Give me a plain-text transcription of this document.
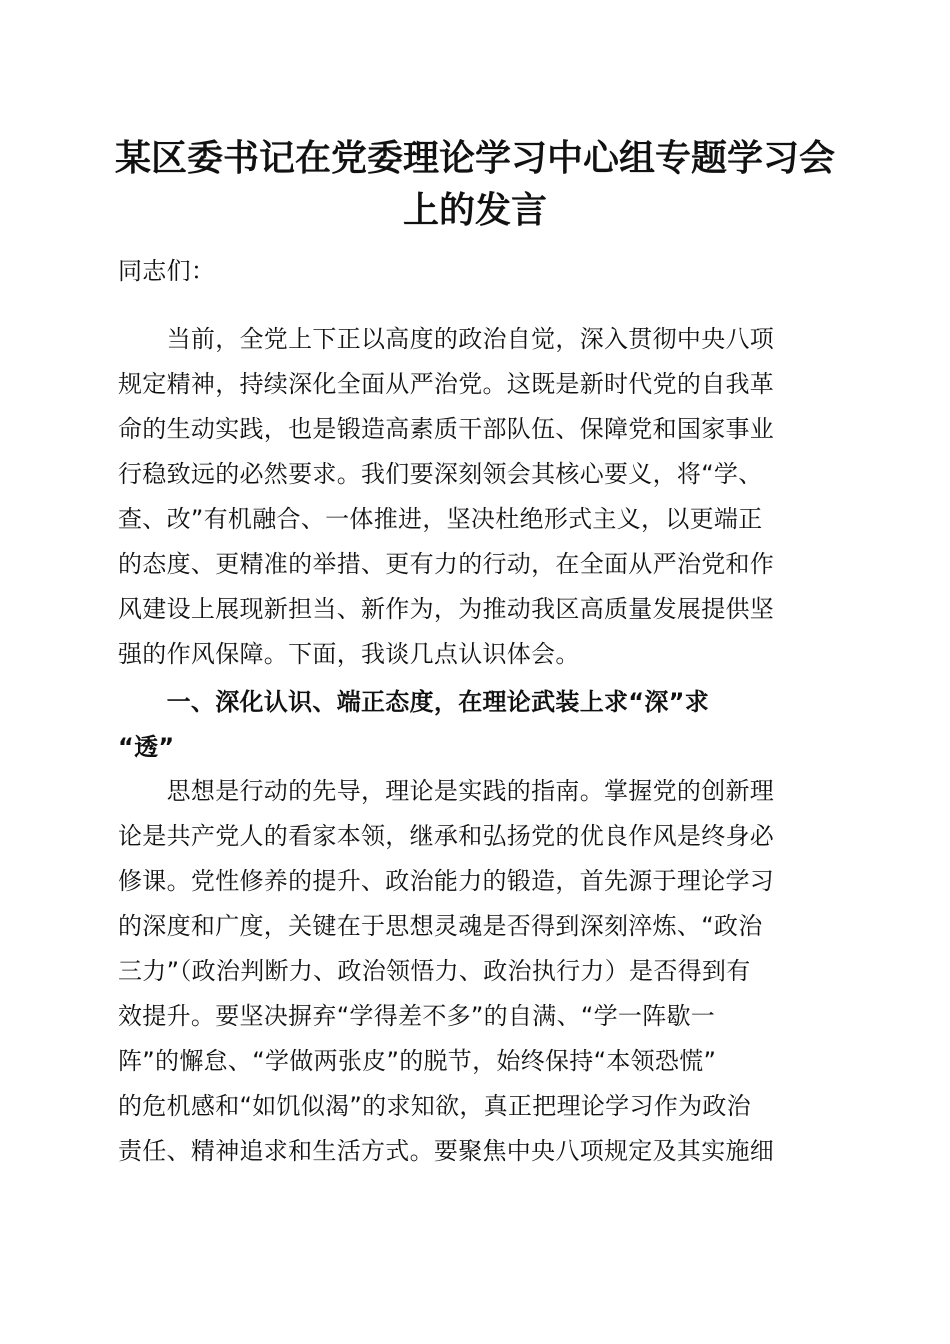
某区委书记在党委理论学习中心组专题学习会
上的发言

同志们：

　　当前，全党上下正以高度的政治自觉，深入贯彻中央八项
规定精神，持续深化全面从严治党。这既是新时代党的自我革
命的生动实践，也是锻造高素质干部队伍、保障党和国家事业
行稳致远的必然要求。我们要深刻领会其核心要义，将“学、
查、改”有机融合、一体推进，坚决杜绝形式主义，以更端正
的态度、更精准的举措、更有力的行动，在全面从严治党和作
风建设上展现新担当、新作为，为推动我区高质量发展提供坚
强的作风保障。下面，我谈几点认识体会。
　　一、深化认识、端正态度，在理论武装上求“深”求
“透”
　　思想是行动的先导，理论是实践的指南。掌握党的创新理
论是共产党人的看家本领，继承和弘扬党的优良作风是终身必
修课。党性修养的提升、政治能力的锻造，首先源于理论学习
的深度和广度，关键在于思想灵魂是否得到深刻淬炼、“政治
三力”（政治判断力、政治领悟力、政治执行力）是否得到有
效提升。要坚决摒弃“学得差不多”的自满、“学一阵歇一
阵”的懈怠、“学做两张皮”的脱节，始终保持“本领恐慌”
的危机感和“如饥似渴”的求知欲，真正把理论学习作为政治
责任、精神追求和生活方式。要聚焦中央八项规定及其实施细
